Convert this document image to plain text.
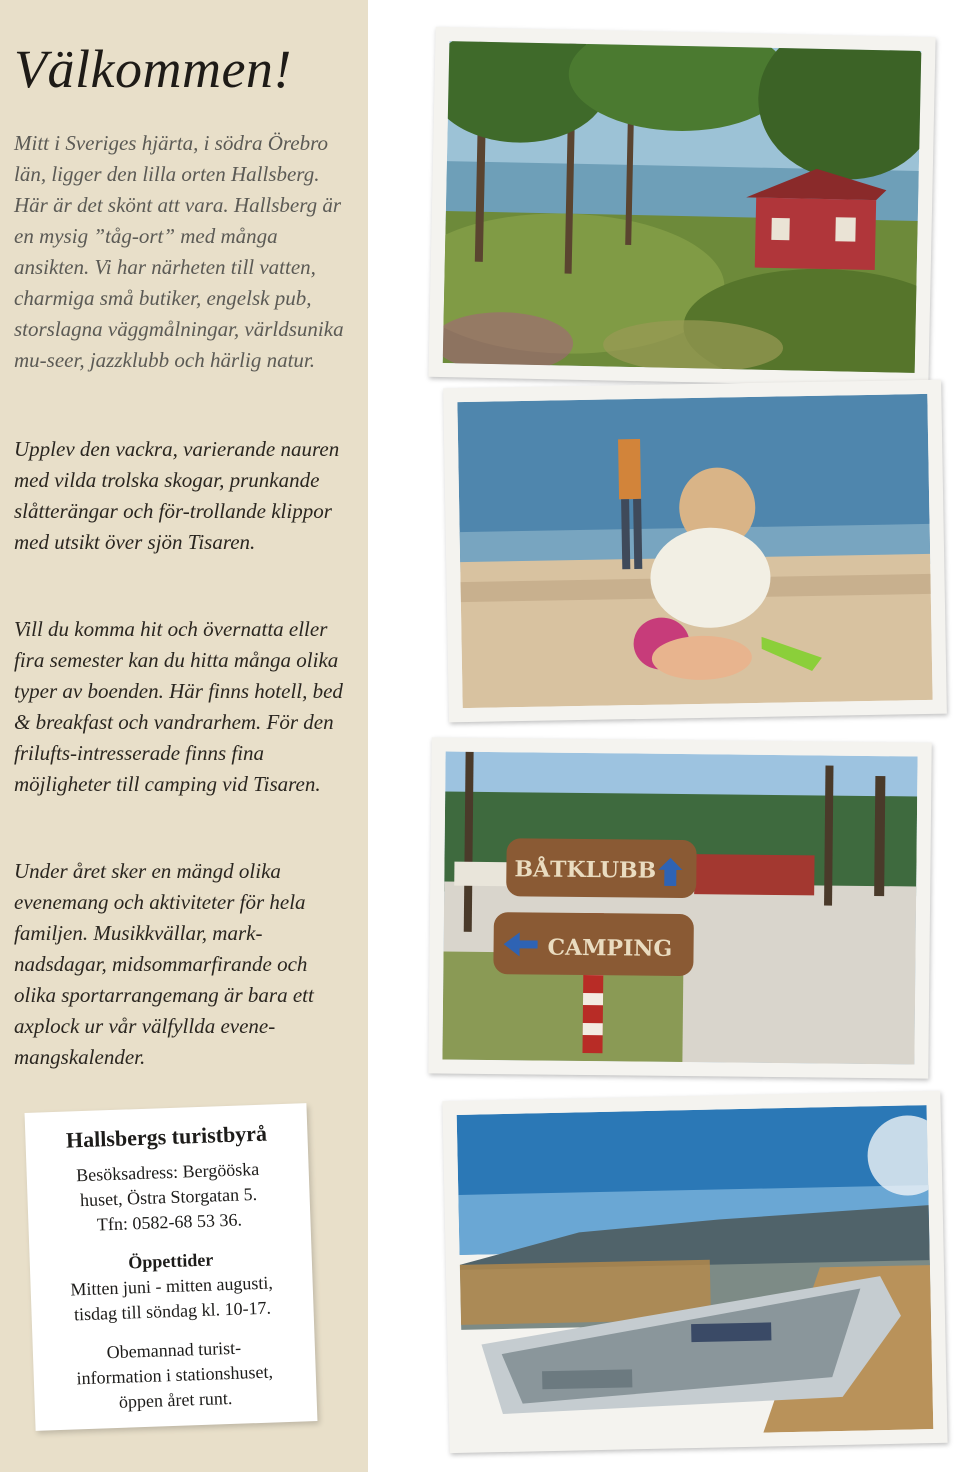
Välkommen!

Mitt i Sveriges hjärta, i södra Örebro län, ligger den lilla orten Hallsberg. Här är det skönt att vara. Hallsberg är en mysig ”tåg-ort” med många ansikten. Vi har närheten till vatten, charmiga små butiker, engelsk pub, storslagna väggmålningar, världsunika mu-seer, jazzklubb och härlig natur.

Upplev den vackra, varierande nauren med vilda trolska skogar, prunkande slåtterängar och för-trollande klippor med utsikt över sjön Tisaren.

Vill du komma hit och övernatta eller fira semester kan du hitta många olika typer av boenden. Här finns hotell, bed & breakfast och vandrarhem. För den frilufts-intresserade finns fina möjligheter till camping vid Tisaren.

Under året sker en mängd olika evenemang och aktiviteter för hela familjen. Musikkvällar, mark-nadsdagar, midsommarfirande och olika sportarrangemang är bara ett axplock ur vår välfyllda evene-mangskalender.

Hallsbergs turistbyrå

Besöksadress: Bergööska

huset, Östra Storgatan 5.

Tfn: 0582-68 53 36.

Öppettider

Mitten juni - mitten augusti,

tisdag till söndag kl. 10-17.

Obemannad turist-

information i stationshuset,

öppen året runt.

BÅTKLUBB
CAMPING
